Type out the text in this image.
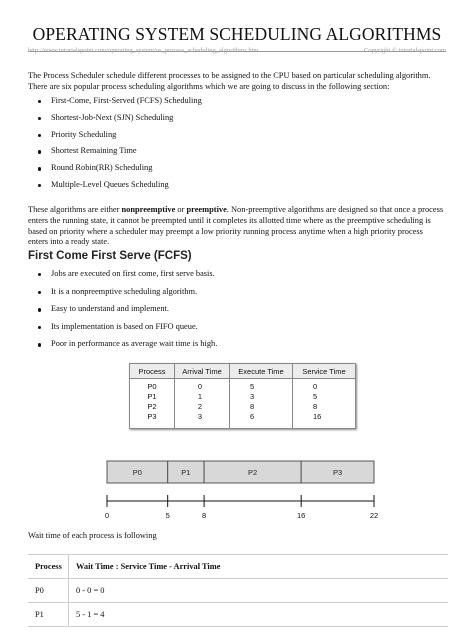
OPERATING SYSTEM SCHEDULING ALGORITHMS
http://www.tutorialspoint.com/operating_system/os_process_scheduling_algorithms.htm	Copyright © tutorialspoint.com
The Process Scheduler schedule different processes to be assigned to the CPU based on particular scheduling algorithm.
There are six popular process scheduling algorithms which we are going to discuss in the following section:
First-Come, First-Served (FCFS) Scheduling
Shortest-Job-Next (SJN) Scheduling
Priority Scheduling
Shortest Remaining Time
Round Robin(RR) Scheduling
Multiple-Level Queues Scheduling
These algorithms are either nonpreemptive or preemptive. Non-preemptive algorithms are designed so that once a process
enters the running state, it cannot be preempted until it completes its allotted time where as the preemptive scheduling is
based on priority where a scheduler may preempt a low priority running process anytime when a high priority process
enters into a ready state.
First Come First Serve (FCFS)
Jobs are executed on first come, first serve basis.
It is a nonpreemptive scheduling algorithm.
Easy to understand and implement.
Its implementation is based on FIFO queue.
Poor in performance as average wait time is high.
Process	Arrival Time	Execute Time	Service Time
P0	0	5	0
P1	1	3	5
P2	2	8	8
P3	3	6	16
P0	P1	P2	P3
0	5	8	16	22
Wait time of each process is following
Process	Wait Time : Service Time - Arrival Time
P0	0 - 0 = 0
P1	5 - 1 = 4
